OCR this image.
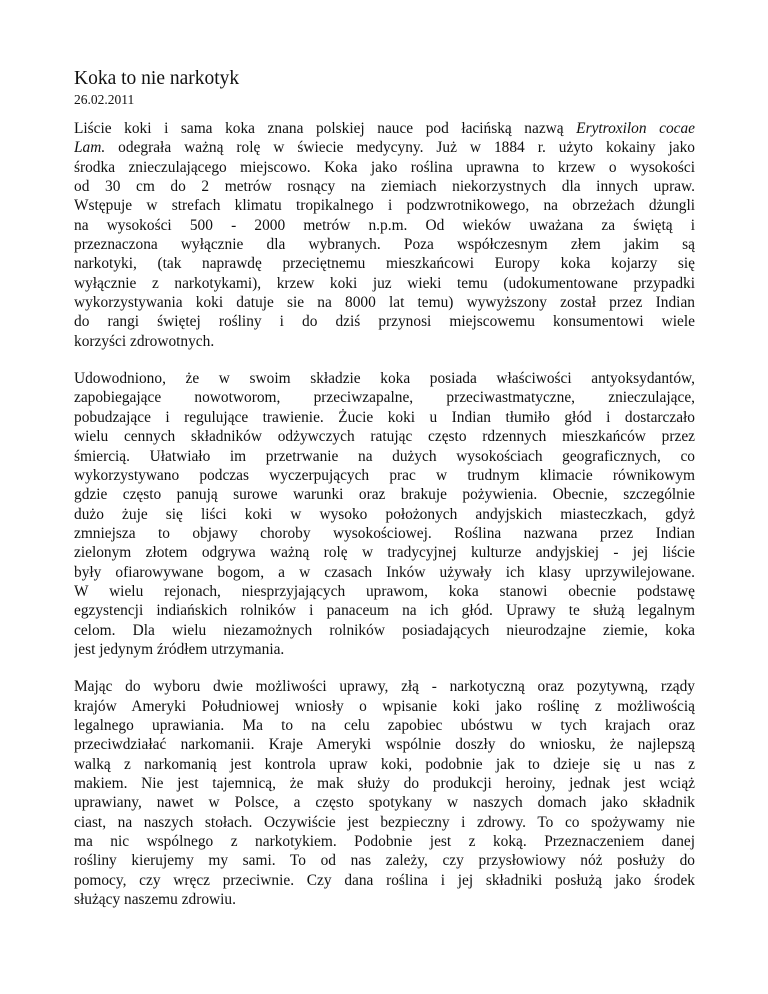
Koka to nie narkotyk
26.02.2011

Liście koki i sama koka znana polskiej nauce pod łacińską nazwą Erytroxilon cocae
Lam. odegrała ważną rolę w świecie medycyny. Już w 1884 r. użyto kokainy jako
środka znieczulającego miejscowo. Koka jako roślina uprawna to krzew o wysokości
od 30 cm do 2 metrów rosnący na ziemiach niekorzystnych dla innych upraw.
Wstępuje w strefach klimatu tropikalnego i podzwrotnikowego, na obrzeżach dżungli
na wysokości 500 - 2000 metrów n.p.m. Od wieków uważana za świętą i
przeznaczona wyłącznie dla wybranych. Poza współczesnym złem jakim są
narkotyki, (tak naprawdę przeciętnemu mieszkańcowi Europy koka kojarzy się
wyłącznie z narkotykami), krzew koki juz wieki temu (udokumentowane przypadki
wykorzystywania koki datuje sie na 8000 lat temu) wywyższony został przez Indian
do rangi świętej rośliny i do dziś przynosi miejscowemu konsumentowi wiele
korzyści zdrowotnych.

Udowodniono, że w swoim składzie koka posiada właściwości antyoksydantów,
zapobiegające nowotworom, przeciwzapalne, przeciwastmatyczne, znieczulające,
pobudzające i regulujące trawienie. Żucie koki u Indian tłumiło głód i dostarczało
wielu cennych składników odżywczych ratując często rdzennych mieszkańców przez
śmiercią. Ułatwiało im przetrwanie na dużych wysokościach geograficznych, co
wykorzystywano podczas wyczerpujących prac w trudnym klimacie równikowym
gdzie często panują surowe warunki oraz brakuje pożywienia. Obecnie, szczególnie
dużo żuje się liści koki w wysoko położonych andyjskich miasteczkach, gdyż
zmniejsza to objawy choroby wysokościowej. Roślina nazwana przez Indian
zielonym złotem odgrywa ważną rolę w tradycyjnej kulturze andyjskiej - jej liście
były ofiarowywane bogom, a w czasach Inków używały ich klasy uprzywilejowane.
W wielu rejonach, niesprzyjających uprawom, koka stanowi obecnie podstawę
egzystencji indiańskich rolników i panaceum na ich głód. Uprawy te służą legalnym
celom. Dla wielu niezamożnych rolników posiadających nieurodzajne ziemie, koka
jest jedynym źródłem utrzymania.

Mając do wyboru dwie możliwości uprawy, złą - narkotyczną oraz pozytywną, rządy
krajów Ameryki Południowej wniosły o wpisanie koki jako roślinę z możliwością
legalnego uprawiania. Ma to na celu zapobiec ubóstwu w tych krajach oraz
przeciwdziałać narkomanii. Kraje Ameryki wspólnie doszły do wniosku, że najlepszą
walką z narkomanią jest kontrola upraw koki, podobnie jak to dzieje się u nas z
makiem. Nie jest tajemnicą, że mak służy do produkcji heroiny, jednak jest wciąż
uprawiany, nawet w Polsce, a często spotykany w naszych domach jako składnik
ciast, na naszych stołach. Oczywiście jest bezpieczny i zdrowy. To co spożywamy nie
ma nic wspólnego z narkotykiem. Podobnie jest z koką. Przeznaczeniem danej
rośliny kierujemy my sami. To od nas zależy, czy przysłowiowy nóż posłuży do
pomocy, czy wręcz przeciwnie. Czy dana roślina i jej składniki posłużą jako środek
służący naszemu zdrowiu.
